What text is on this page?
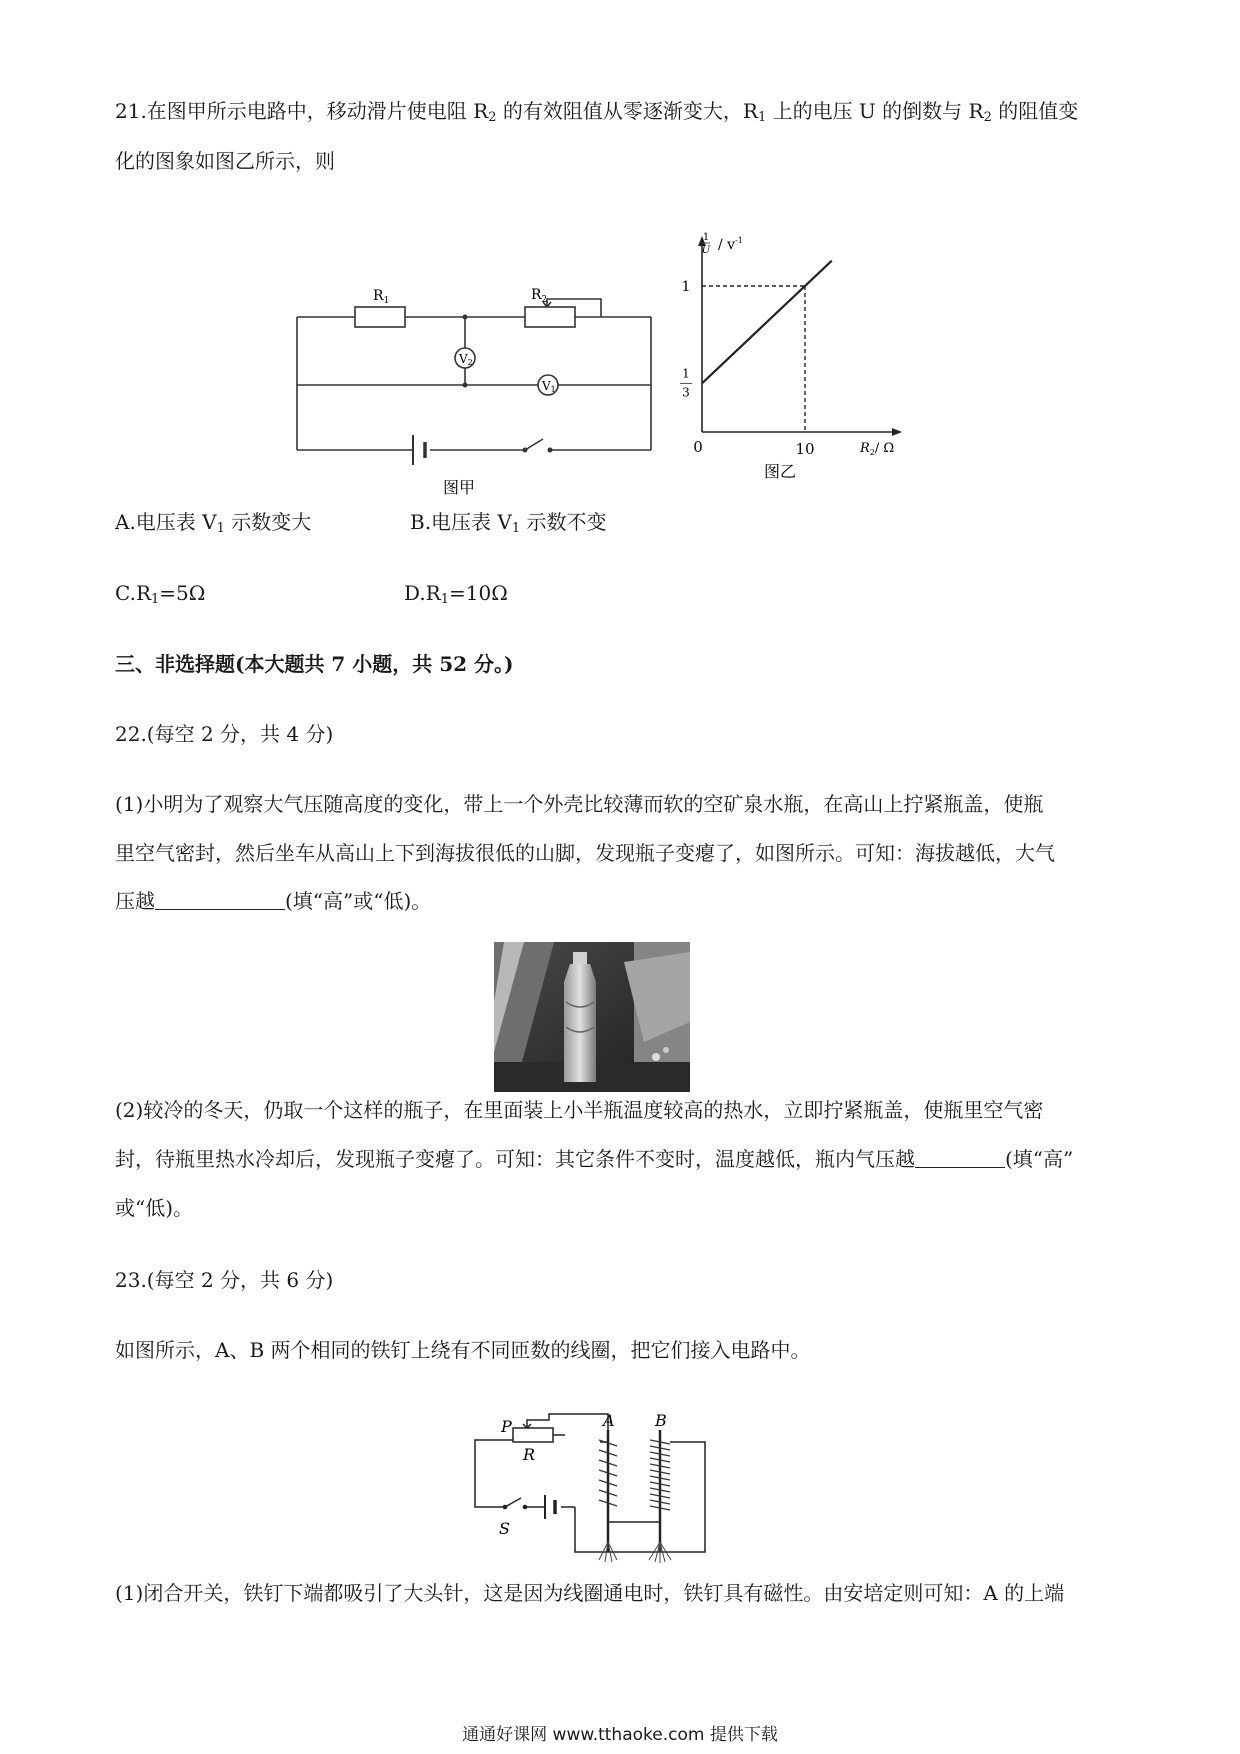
21.在图甲所示电路中，移动滑片使电阻 $R_2$ 的有效阻值从零逐渐变大，$R_1$ 上的电压 U 的倒数与 $R_2$ 的阻值变
化的图象如图乙所示，则
$R_1$	$R_2$
V2
V1
图甲
1
U / $v^{-1}$
1
1
3
0	10	$R_2/$ Ω
图乙
A.电压表 $V_1$ 示数变大	B.电压表 $V_1$ 示数不变
$C.R_1=5\Omega$	$D.R_1=10\Omega$
三、非选择题(本大题共 7 小题，共 52 分。)
22.(每空 2 分，共 4 分)
(1)小明为了观察大气压随高度的变化，带上一个外壳比较薄而软的空矿泉水瓶，在高山上拧紧瓶盖，使瓶
里空气密封，然后坐车从高山上下到海拔很低的山脚，发现瓶子变瘪了，如图所示。可知：海拔越低，大气
压越	(填“高”或“低)。
(2)较冷的冬天，仍取一个这样的瓶子，在里面装上小半瓶温度较高的热水，立即拧紧瓶盖，使瓶里空气密
封，待瓶里热水冷却后，发现瓶子变瘪了。可知：其它条件不变时，温度越低，瓶内气压越	(填“高”
或“低)。
23.(每空 2 分，共 6 分)
如图所示，A、B 两个相同的铁钉上绕有不同匝数的线圈，把它们接入电路中。
P
R
A	B
S
(1)闭合开关，铁钉下端都吸引了大头针，这是因为线圈通电时，铁钉具有磁性。由安培定则可知：A 的上端
通通好课网 www.tthaoke.com 提供下载
